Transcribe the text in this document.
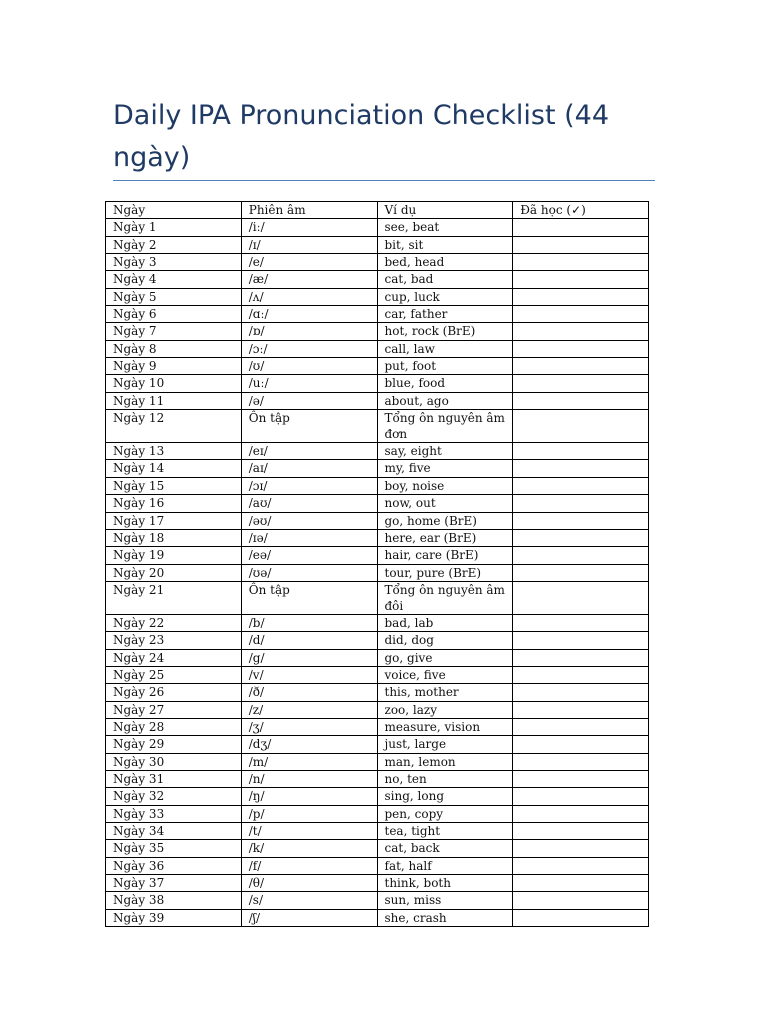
Daily IPA Pronunciation Checklist (44 ngày)
Ngày	Phiên âm	Ví dụ	Đã học (✓)
Ngày 1	/iː/	see, beat	
Ngày 2	/ɪ/	bit, sit	
Ngày 3	/e/	bed, head	
Ngày 4	/æ/	cat, bad	
Ngày 5	/ʌ/	cup, luck	
Ngày 6	/ɑː/	car, father	
Ngày 7	/ɒ/	hot, rock (BrE)	
Ngày 8	/ɔː/	call, law	
Ngày 9	/ʊ/	put, foot	
Ngày 10	/uː/	blue, food	
Ngày 11	/ə/	about, ago	
Ngày 12	Ôn tập	Tổng ôn nguyên âm đơn	
Ngày 13	/eɪ/	say, eight	
Ngày 14	/aɪ/	my, five	
Ngày 15	/ɔɪ/	boy, noise	
Ngày 16	/aʊ/	now, out	
Ngày 17	/əʊ/	go, home (BrE)	
Ngày 18	/ɪə/	here, ear (BrE)	
Ngày 19	/eə/	hair, care (BrE)	
Ngày 20	/ʊə/	tour, pure (BrE)	
Ngày 21	Ôn tập	Tổng ôn nguyên âm đôi	
Ngày 22	/b/	bad, lab	
Ngày 23	/d/	did, dog	
Ngày 24	/g/	go, give	
Ngày 25	/v/	voice, five	
Ngày 26	/ð/	this, mother	
Ngày 27	/z/	zoo, lazy	
Ngày 28	/ʒ/	measure, vision	
Ngày 29	/dʒ/	just, large	
Ngày 30	/m/	man, lemon	
Ngày 31	/n/	no, ten	
Ngày 32	/ŋ/	sing, long	
Ngày 33	/p/	pen, copy	
Ngày 34	/t/	tea, tight	
Ngày 35	/k/	cat, back	
Ngày 36	/f/	fat, half	
Ngày 37	/θ/	think, both	
Ngày 38	/s/	sun, miss	
Ngày 39	/ʃ/	she, crash	
